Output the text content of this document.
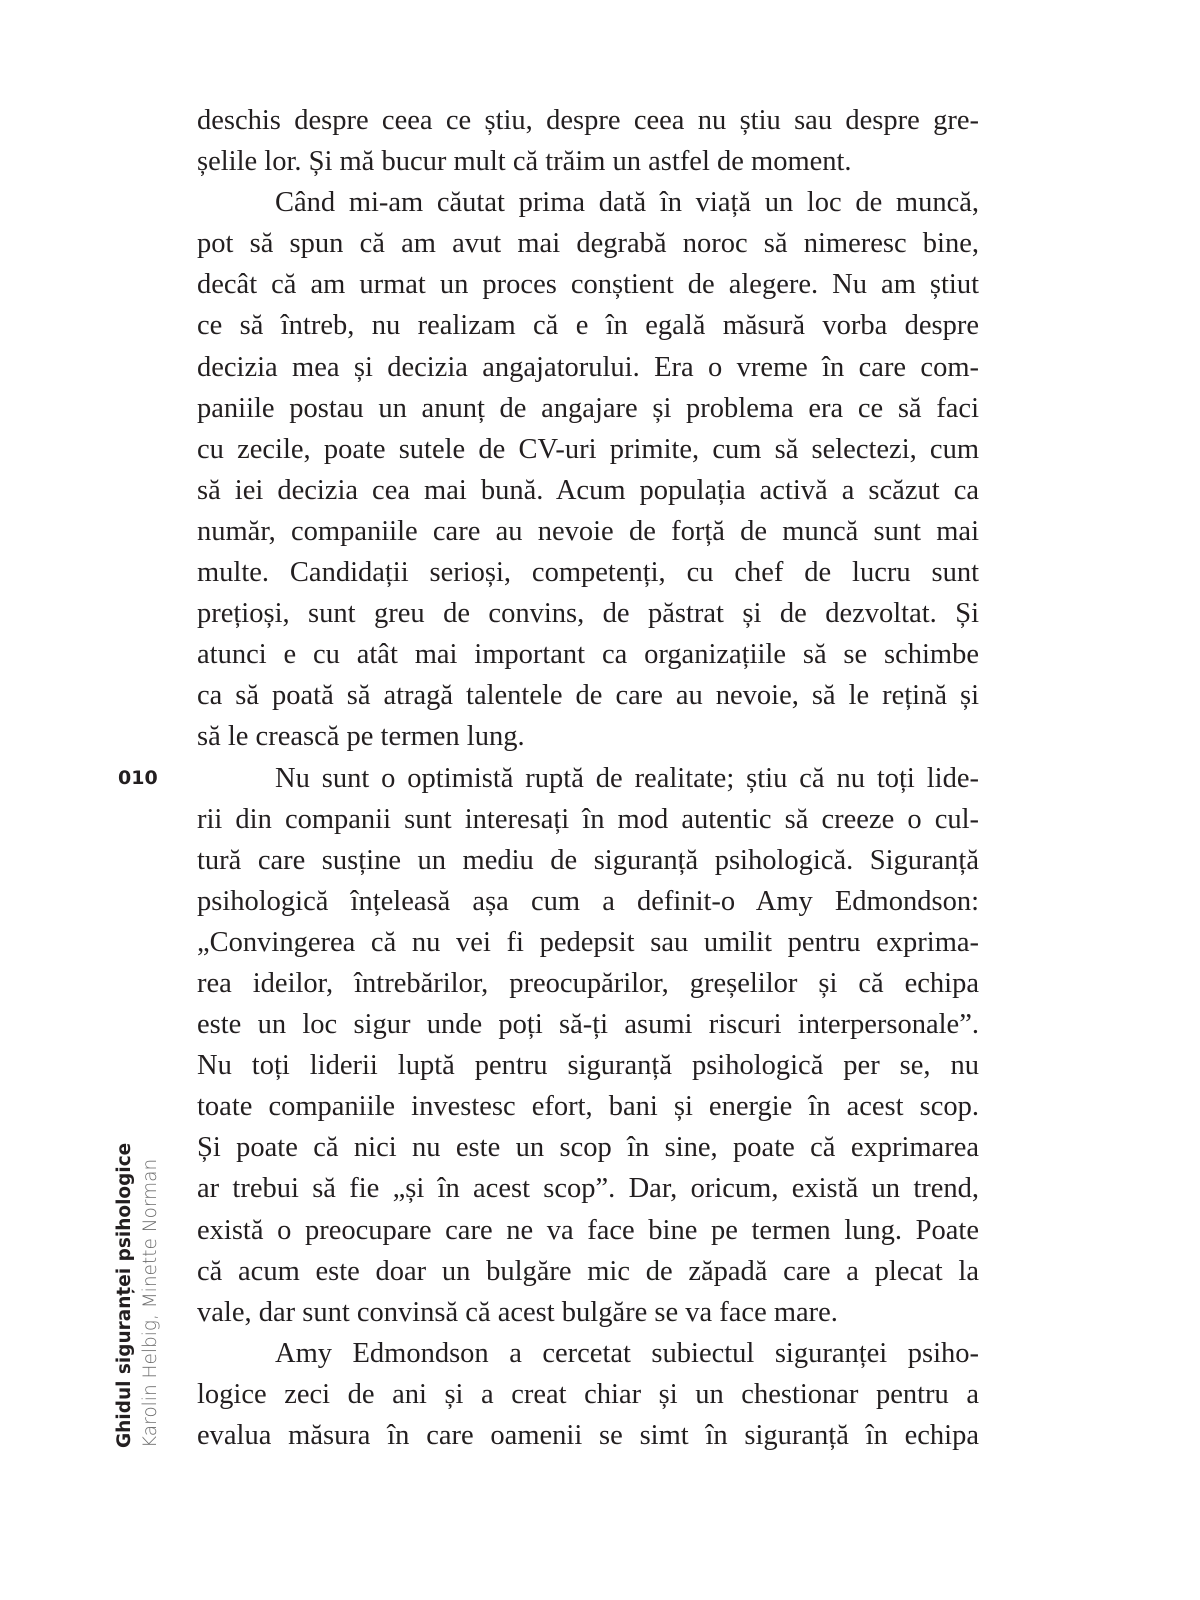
010
Ghidul siguranței psihologice Karolin Helbig, Minette Norman
deschis despre ceea ce știu, despre ceea nu știu sau despre gre-
șelile lor. Și mă bucur mult că trăim un astfel de moment.
Când mi-am căutat prima dată în viață un loc de muncă,
pot să spun că am avut mai degrabă noroc să nimeresc bine,
decât că am urmat un proces conștient de alegere. Nu am știut
ce să întreb, nu realizam că e în egală măsură vorba despre
decizia mea și decizia angajatorului. Era o vreme în care com-
paniile postau un anunț de angajare și problema era ce să faci
cu zecile, poate sutele de CV-uri primite, cum să selectezi, cum
să iei decizia cea mai bună. Acum populația activă a scăzut ca
număr, companiile care au nevoie de forță de muncă sunt mai
multe. Candidații serioși, competenți, cu chef de lucru sunt
prețioși, sunt greu de convins, de păstrat și de dezvoltat. Și
atunci e cu atât mai important ca organizațiile să se schimbe
ca să poată să atragă talentele de care au nevoie, să le rețină și
să le crească pe termen lung.
Nu sunt o optimistă ruptă de realitate; știu că nu toți lide-
rii din companii sunt interesați în mod autentic să creeze o cul-
tură care susține un mediu de siguranță psihologică. Siguranță
psihologică înțeleasă așa cum a definit-o Amy Edmondson:
„Convingerea că nu vei fi pedepsit sau umilit pentru exprima-
rea ideilor, întrebărilor, preocupărilor, greșelilor și că echipa
este un loc sigur unde poți să-ți asumi riscuri interpersonale”.
Nu toți liderii luptă pentru siguranță psihologică per se, nu
toate companiile investesc efort, bani și energie în acest scop.
Și poate că nici nu este un scop în sine, poate că exprimarea
ar trebui să fie „și în acest scop”. Dar, oricum, există un trend,
există o preocupare care ne va face bine pe termen lung. Poate
că acum este doar un bulgăre mic de zăpadă care a plecat la
vale, dar sunt convinsă că acest bulgăre se va face mare.
Amy Edmondson a cercetat subiectul siguranței psiho-
logice zeci de ani și a creat chiar și un chestionar pentru a
evalua măsura în care oamenii se simt în siguranță în echipa
